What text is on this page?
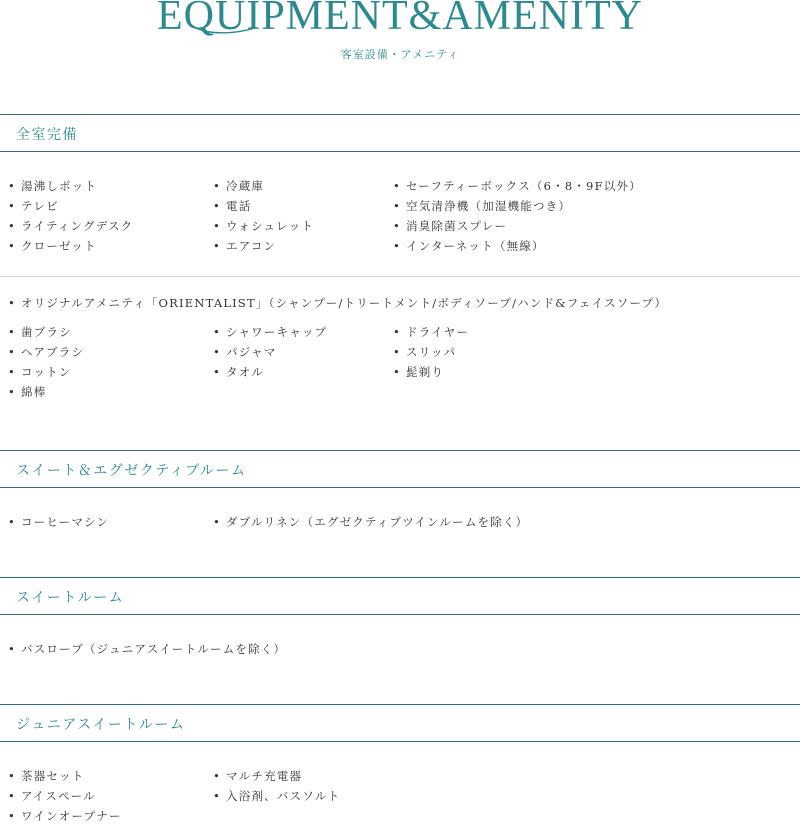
EQUIPMENT&AMENITY
客室設備・アメニティ
全室完備
• 湯沸しポット
• テレビ
• ライティングデスク
• クローゼット
• 冷蔵庫
• 電話
• ウォシュレット
• エアコン
• セーフティーボックス（6・8・9F以外）
• 空気清浄機（加湿機能つき）
• 消臭除菌スプレー
• インターネット（無線）
• オリジナルアメニティ「ORIENTALIST」（シャンプー/トリートメント/ボディソープ/ハンド&フェイスソープ）
• 歯ブラシ
• ヘアブラシ
• コットン
• 綿棒
• シャワーキャップ
• パジャマ
• タオル
• ドライヤー
• スリッパ
• 髭剃り
スイート＆エグゼクティブルーム
• コーヒーマシン
•	ダブルリネン（エグゼクティブツインルームを除く）
スイートルーム
• バスローブ（ジュニアスイートルームを除く）
ジュニアスイートルーム
• 茶器セット
• アイスペール
• ワインオープナー
• マルチ充電器
• 入浴剤、バスソルト
